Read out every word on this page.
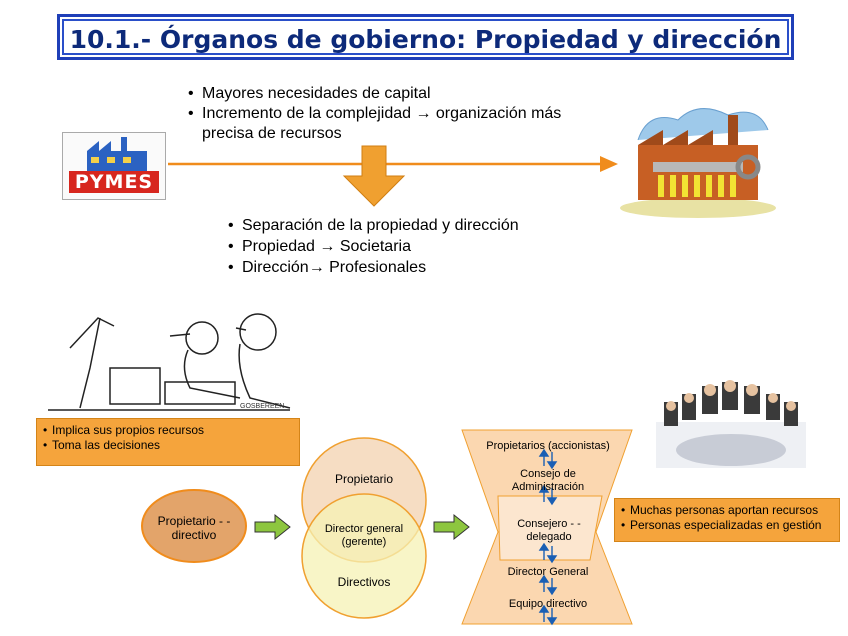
10.1.- Órganos de gobierno: Propiedad y dirección
PYMES
• Mayores necesidades de capital
• Incremento de la complejidad → organización más precisa de recursos
• Separación de la propiedad y dirección
• Propiedad → Societaria
• Dirección→ Profesionales
GOSBEREEN
• Implica sus propios recursos
• Toma las decisiones
• Muchas personas aportan recursos
• Personas especializadas en gestión
Propietario - -directivo
Propietario
Director general (gerente)
Directivos
Propietarios (accionistas)
Consejo de Administración
Consejero - -delegado
Director General
Equipo directivo
